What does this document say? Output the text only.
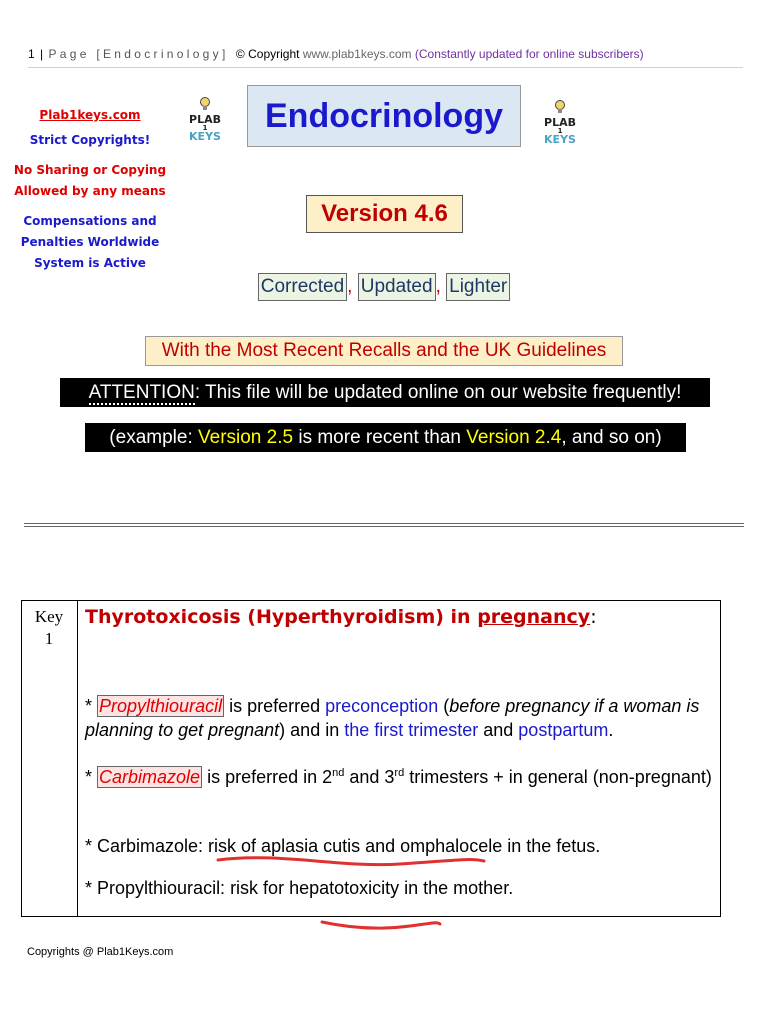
1 | Page [Endocrinology] © Copyright www.plab1keys.com (Constantly updated for online subscribers)
Plab1keys.com
Strict Copyrights!
No Sharing or Copying
Allowed by any means
Compensations and
Penalties Worldwide
System is Active
PLAB
1
KEYS
PLAB
1
KEYS
Endocrinology
Version 4.6
Corrected , Updated , Lighter
With the Most Recent Recalls and the UK Guidelines
ATTENTION: This file will be updated online on our website frequently!
(example: Version 2.5 is more recent than Version 2.4, and so on)
Key
1
Thyrotoxicosis (Hyperthyroidism) in pregnancy:
* Propylthiouracil is preferred preconception (before pregnancy if a woman is planning to get pregnant) and in the first trimester and postpartum.
* Carbimazole is preferred in 2nd and 3rd trimesters + in general (non-pregnant)
* Carbimazole: risk of aplasia cutis and omphalocele in the fetus.
* Propylthiouracil: risk for hepatotoxicity in the mother.
Copyrights @ Plab1Keys.com
